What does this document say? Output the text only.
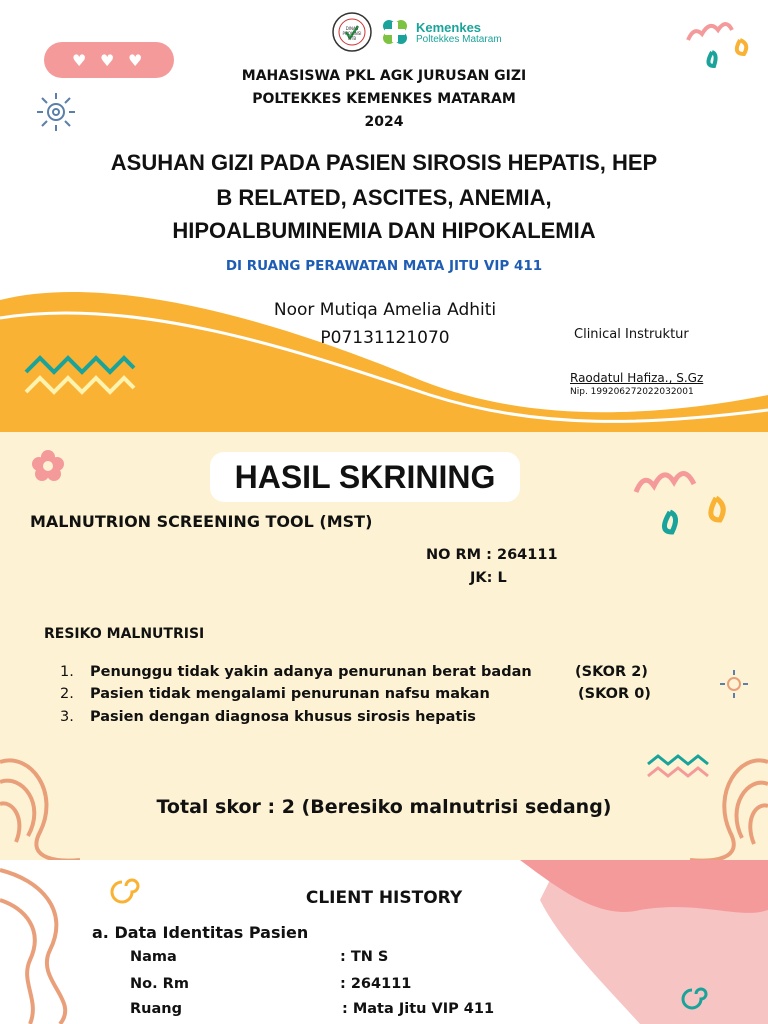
♥ ♥ ♥
DINAS PROVINSI NTB
Kemenkes
Poltekkes Mataram
MAHASISWA PKL AGK JURUSAN GIZI
POLTEKKES KEMENKES MATARAM
2024
ASUHAN GIZI PADA PASIEN SIROSIS HEPATIS, HEP
B RELATED, ASCITES, ANEMIA,
HIPOALBUMINEMIA DAN HIPOKALEMIA
DI RUANG PERAWATAN MATA JITU VIP 411
Noor Mutiqa Amelia Adhiti
P07131121070	Clinical Instruktur
Raodatul Hafiza., S.Gz
Nip. 199206272022032001
HASIL SKRINING
MALNUTRION SCREENING TOOL (MST)
NO RM : 264111
JK: L
RESIKO MALNUTRISI
1. Penunggu tidak yakin adanya penurunan berat badan	(SKOR 2)
2. Pasien tidak mengalami penurunan nafsu makan	(SKOR 0)
3. Pasien dengan diagnosa khusus sirosis hepatis
Total skor : 2 (Beresiko malnutrisi sedang)
CLIENT HISTORY
a. Data Identitas Pasien
Nama	: TN S
No. Rm	: 264111
Ruang	: Mata Jitu VIP 411
